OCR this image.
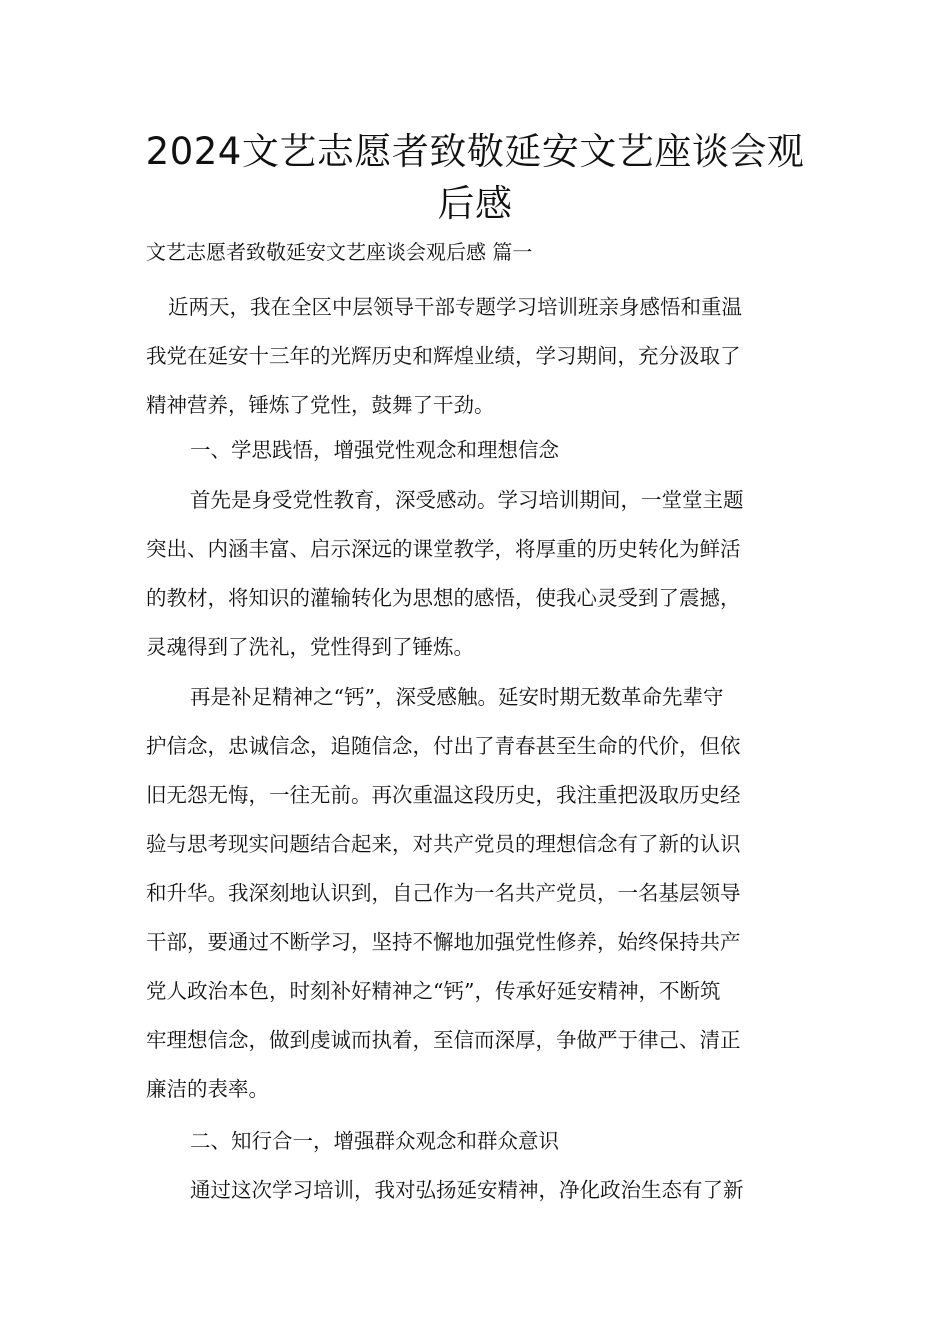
2024文艺志愿者致敬延安文艺座谈会观
后感

文艺志愿者致敬延安文艺座谈会观后感 篇一

近两天，我在全区中层领导干部专题学习培训班亲身感悟和重温
我党在延安十三年的光辉历史和辉煌业绩，学习期间，充分汲取了
精神营养，锤炼了党性，鼓舞了干劲。
一、学思践悟，增强党性观念和理想信念
首先是身受党性教育，深受感动。学习培训期间，一堂堂主题
突出、内涵丰富、启示深远的课堂教学，将厚重的历史转化为鲜活
的教材，将知识的灌输转化为思想的感悟，使我心灵受到了震撼，
灵魂得到了洗礼，党性得到了锤炼。
再是补足精神之“钙”，深受感触。延安时期无数革命先辈守
护信念，忠诚信念，追随信念，付出了青春甚至生命的代价，但依
旧无怨无悔，一往无前。再次重温这段历史，我注重把汲取历史经
验与思考现实问题结合起来，对共产党员的理想信念有了新的认识
和升华。我深刻地认识到，自己作为一名共产党员，一名基层领导
干部，要通过不断学习，坚持不懈地加强党性修养，始终保持共产
党人政治本色，时刻补好精神之“钙”，传承好延安精神，不断筑
牢理想信念，做到虔诚而执着，至信而深厚，争做严于律己、清正
廉洁的表率。
二、知行合一，增强群众观念和群众意识
通过这次学习培训，我对弘扬延安精神，净化政治生态有了新
